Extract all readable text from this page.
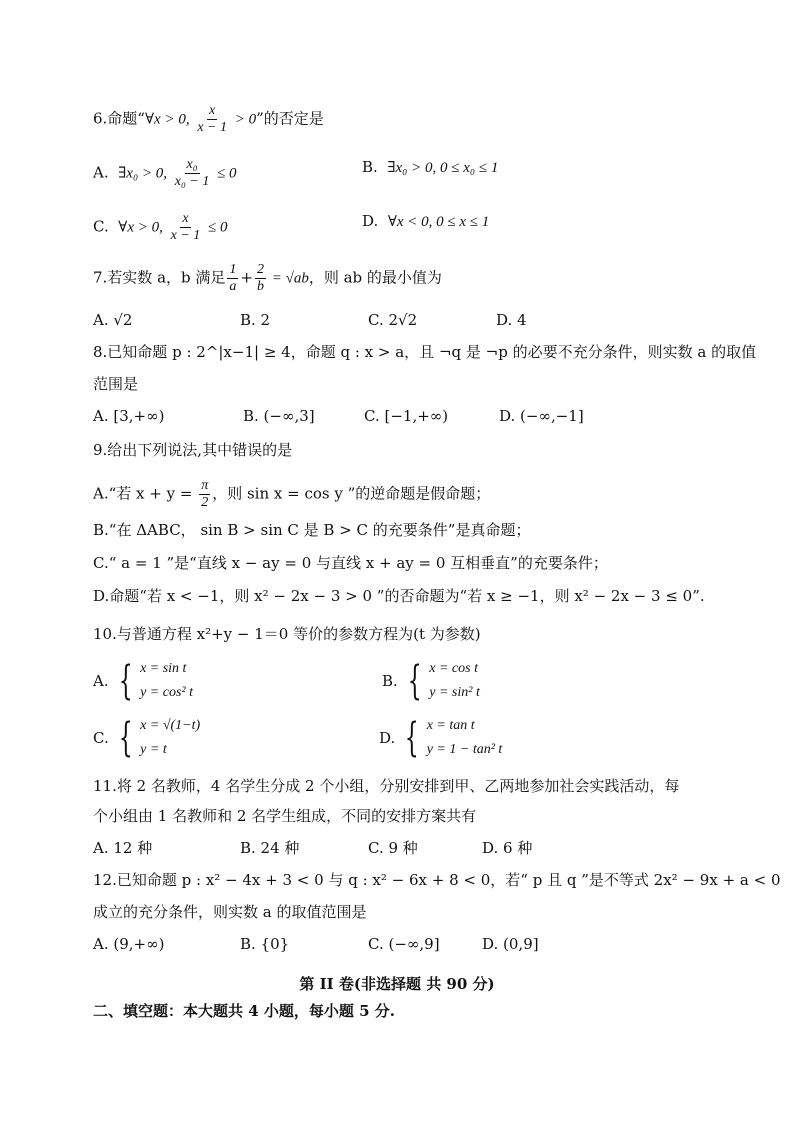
6.命题“∀x > 0, $\frac{x}{x - 1} > 0$”的否定是
A. ∃x₀ > 0, $\frac{\text{x₀}}{\text{x₀ − 1}} \le 0$	B. ∃x₀ > 0, 0 ≤ x₀ ≤ 1
C. ∀x > 0, $\frac{x}{x - 1} \le 0$	D. ∀x < 0, 0 ≤ x ≤ 1
7.若实数 a，b 满足 $\frac{1}{a} + \frac{2}{b} = √ab$，则 ab 的最小值为
A. √2	B. 2	C. 2√2	D. 4
8.已知命题 p : 2^|x−1| ≥ 4，命题 q : x > a，且 ¬q 是 ¬p 的必要不充分条件，则实数 a 的取值
范围是
A. [3,+∞)	B. (−∞,3]	C. [−1,+∞)	D. (−∞,−1]
9.给出下列说法,其中错误的是
A.“若 $x + y = \frac{\pi}{2}$ ，则 sin x = cos y ”的逆命题是假命题；
B.“在 ΔABC， sin B > sin C 是 B > C 的充要条件”是真命题；
C.“ a = 1 ”是“直线 x − ay = 0 与直线 x + ay = 0 互相垂直”的充要条件；
D.命题“若 x < −1，则 x² − 2x − 3 > 0 ”的否命题为“若 x ≥ −1，则 x² − 2x − 3 ≤ 0”.
10.与普通方程 x²+y − 1＝0 等价的参数方程为(t 为参数)
A. { x = sin t
y = cos² t
B. { x = cos t
y = sin² t
C. { x = √(1−t)
y = t
D. { x = tan t
y = 1 − tan² t
11.将 2 名教师，4 名学生分成 2 个小组，分别安排到甲、乙两地参加社会实践活动，每
个小组由 1 名教师和 2 名学生组成，不同的安排方案共有
A. 12 种	B. 24 种	C. 9 种	D. 6 种
12.已知命题 p : x² − 4x + 3 < 0 与 q : x² − 6x + 8 < 0，若“ p 且 q ”是不等式 2x² − 9x + a < 0
成立的充分条件，则实数 a 的取值范围是
A. (9,+∞)	B. {0}	C. (−∞,9]	D. (0,9]
第 II 卷(非选择题 共 90 分)
二、填空题：本大题共 4 小题，每小题 5 分.
